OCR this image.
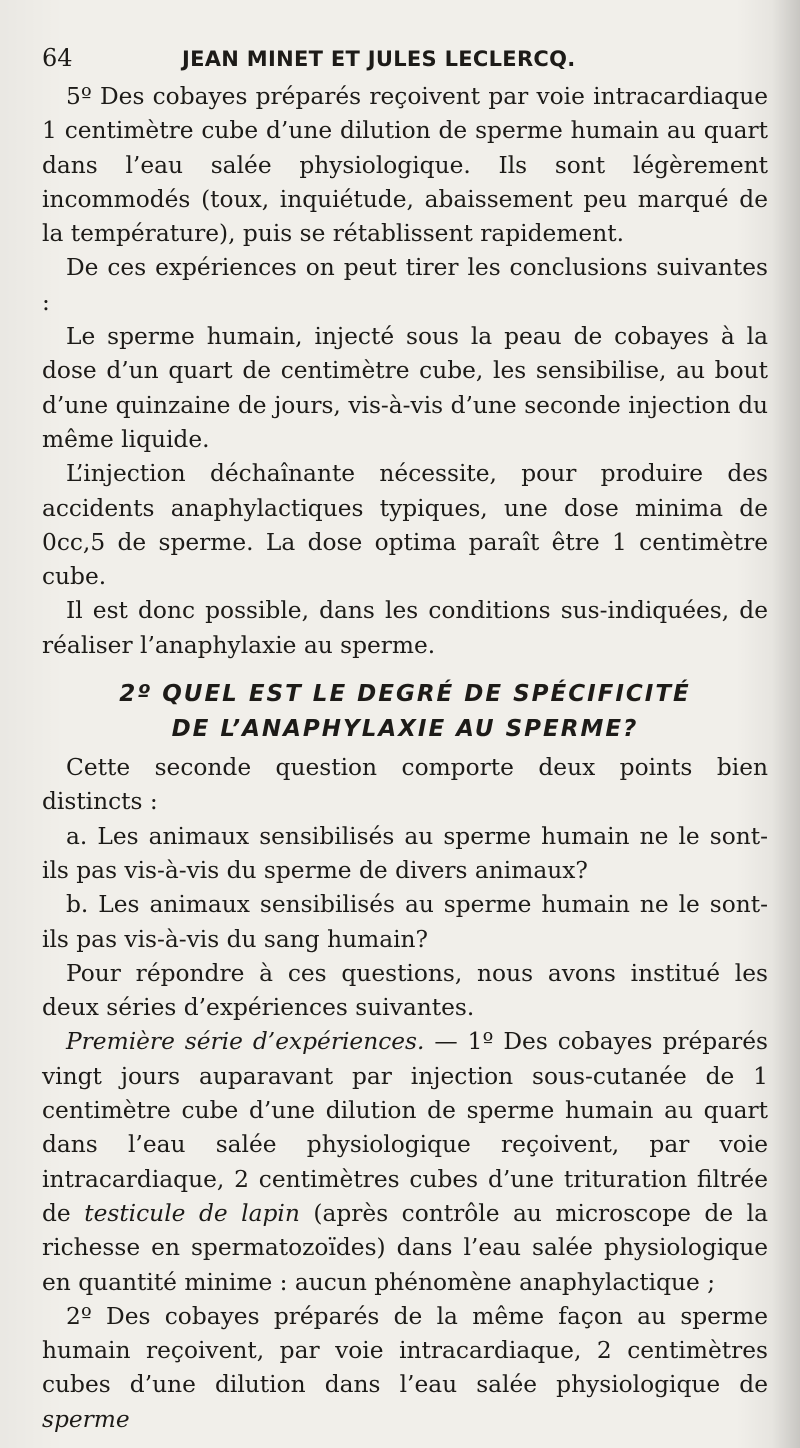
64	JEAN MINET ET JULES LECLERCQ.

5º Des cobayes préparés reçoivent par voie intracardiaque 1 centimètre cube d’une dilution de sperme humain au quart dans l’eau salée physiologique. Ils sont légèrement incommodés (toux, inquiétude, abaissement peu marqué de la température), puis se rétablissent rapidement.

De ces expériences on peut tirer les conclusions suivantes :

Le sperme humain, injecté sous la peau de cobayes à la dose d’un quart de centimètre cube, les sensibilise, au bout d’une quinzaine de jours, vis-à-vis d’une seconde injection du même liquide.

L’injection déchaînante nécessite, pour produire des accidents anaphylactiques typiques, une dose minima de 0cc,5 de sperme. La dose optima paraît être 1 centimètre cube.

Il est donc possible, dans les conditions sus-indiquées, de réaliser l’anaphylaxie au sperme.

2º QUEL EST LE DEGRÉ DE SPÉCIFICITÉ
DE L’ANAPHYLAXIE AU SPERME?

Cette seconde question comporte deux points bien distincts :

a. Les animaux sensibilisés au sperme humain ne le sont-ils pas vis-à-vis du sperme de divers animaux?

b. Les animaux sensibilisés au sperme humain ne le sont-ils pas vis-à-vis du sang humain?

Pour répondre à ces questions, nous avons institué les deux séries d’expériences suivantes.

Première série d’expériences. — 1º Des cobayes préparés vingt jours auparavant par injection sous-cutanée de 1 centimètre cube d’une dilution de sperme humain au quart dans l’eau salée physiologique reçoivent, par voie intracardiaque, 2 centimètres cubes d’une trituration filtrée de testicule de lapin (après contrôle au microscope de la richesse en spermatozoïdes) dans l’eau salée physiologique en quantité minime : aucun phénomène anaphylactique ;

2º Des cobayes préparés de la même façon au sperme humain reçoivent, par voie intracardiaque, 2 centimètres cubes d’une dilution dans l’eau salée physiologique de sperme
